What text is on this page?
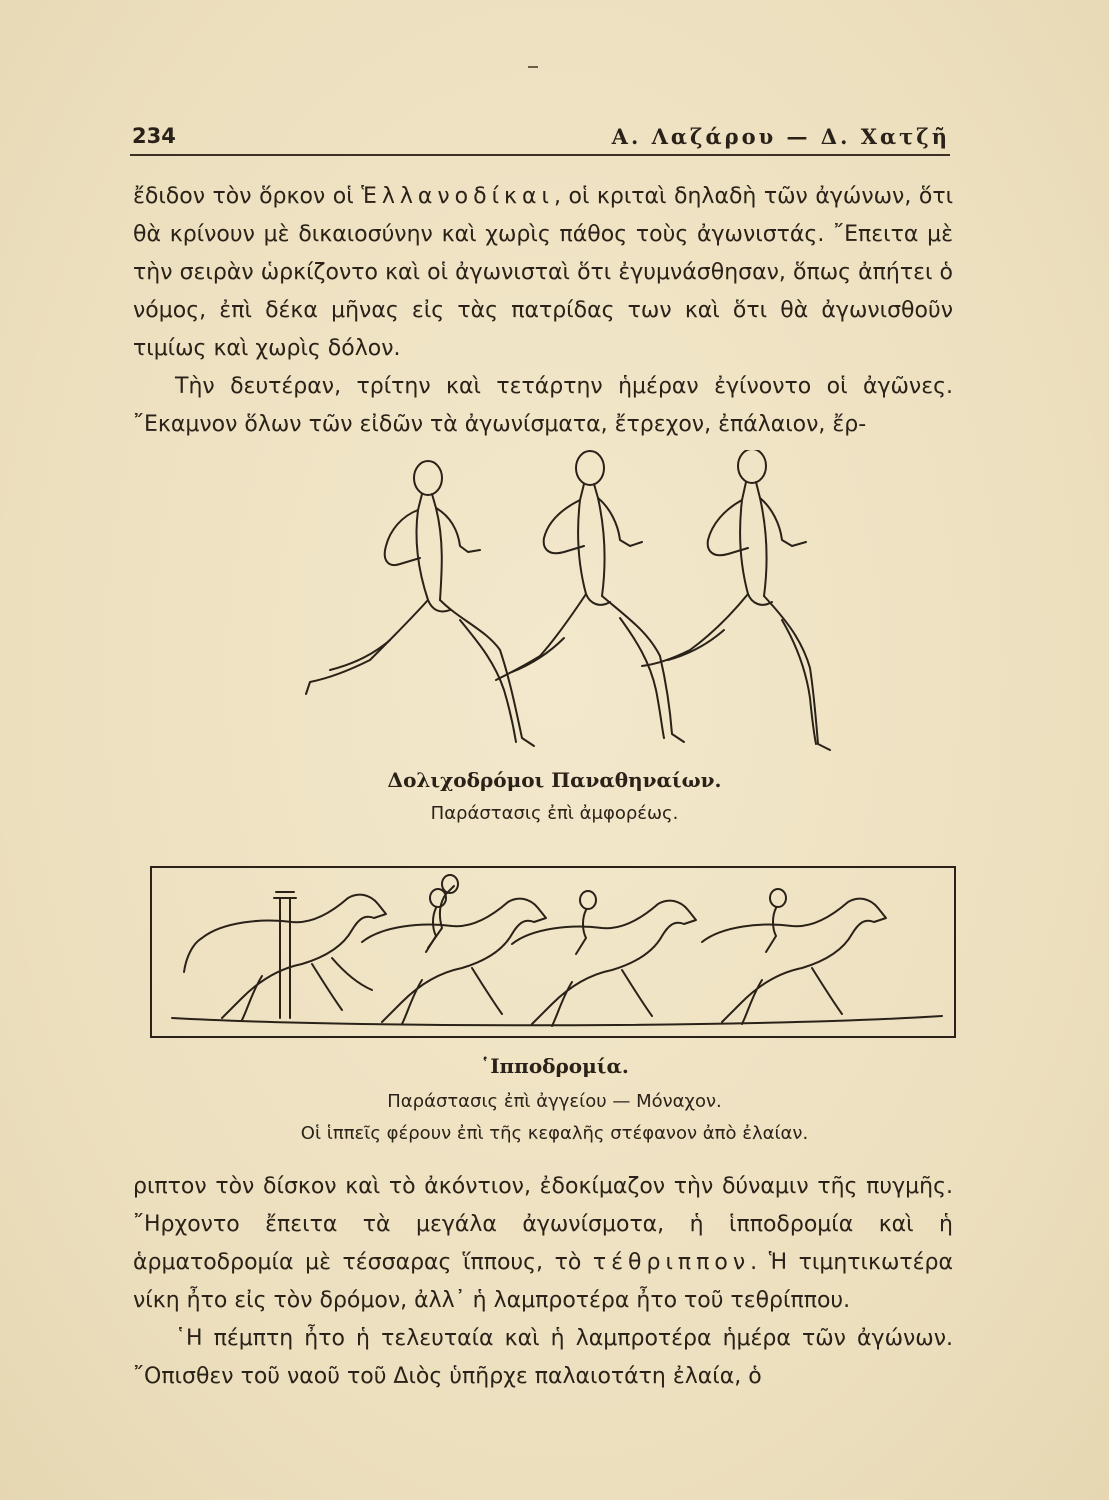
234	Α. Λαζάρου — Δ. Χατζῆ

ἔδιδον τὸν ὅρκον οἱ Ἑλλανοδίκαι, οἱ κριταὶ δηλαδὴ τῶν ἀγώνων, ὅτι θὰ κρίνουν μὲ δικαιοσύνην καὶ χωρὶς πάθος τοὺς ἀγωνιστάς. ῎Επειτα μὲ τὴν σειρὰν ὡρκίζοντο καὶ οἱ ἀγωνισταὶ ὅτι ἐγυμνάσθησαν, ὅπως ἀπήτει ὁ νόμος, ἐπὶ δέκα μῆνας εἰς τὰς πατρίδας των καὶ ὅτι θὰ ἀγωνισθοῦν τιμίως καὶ χωρὶς δόλον.

Τὴν δευτέραν, τρίτην καὶ τετάρτην ἡμέραν ἐγίνοντο οἱ ἀγῶνες. ῎Εκαμνον ὅλων τῶν εἰδῶν τὰ ἀγωνίσματα, ἔτρεχον, ἐπάλαιον, ἔρ-

Δολιχοδρόμοι Παναθηναίων.
Παράστασις ἐπὶ ἀμφορέως.
῾Ιπποδρομία.
Παράστασις ἐπὶ ἀγγείου — Μόναχον.
Οἱ ἱππεῖς φέρουν ἐπὶ τῆς κεφαλῆς στέφανον ἀπὸ ἐλαίαν.

ριπτον τὸν δίσκον καὶ τὸ ἀκόντιον, ἐδοκίμαζον τὴν δύναμιν τῆς πυγμῆς. ῎Ηρχοντο ἔπειτα τὰ μεγάλα ἀγωνίσμοτα, ἡ ἱπποδρομία καὶ ἡ ἁρματοδρομία μὲ τέσσαρας ἵππους, τὸ τέθριππον. Ἡ τιμητικωτέρα νίκη ἦτο εἰς τὸν δρόμον, ἀλλ᾿ ἡ λαμπροτέρα ἦτο τοῦ τεθρίππου.

῾Η πέμπτη ἦτο ἡ τελευταία καὶ ἡ λαμπροτέρα ἡμέρα τῶν ἀγώνων. ῎Οπισθεν τοῦ ναοῦ τοῦ Διὸς ὑπῆρχε παλαιοτάτη ἐλαία, ὁ
